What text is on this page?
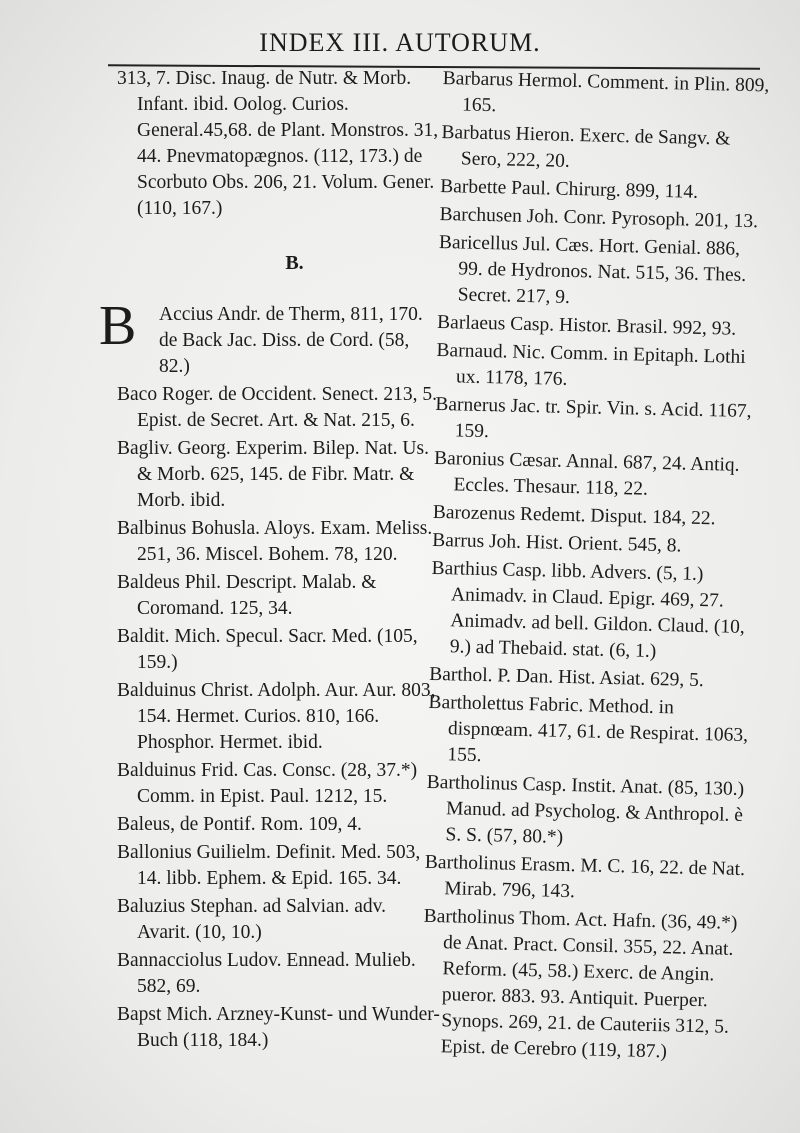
INDEX III. AUTORUM.

313, 7. Disc. Inaug. de Nutr. & Morb. Infant. ibid. Oolog. Curios. General.45,68. de Plant. Monstros. 31, 44. Pnevmatopægnos. (112, 173.) de Scorbuto Obs. 206, 21. Volum. Gener. (110, 167.)

B.

B Accius Andr. de Therm, 811, 170. de Back Jac. Diss. de Cord. (58, 82.)

Baco Roger. de Occident. Senect. 213, 5. Epist. de Secret. Art. & Nat. 215, 6.

Bagliv. Georg. Experim. Bilep. Nat. Us. & Morb. 625, 145. de Fibr. Matr. & Morb. ibid.

Balbinus Bohusla. Aloys. Exam. Meliss. 251, 36. Miscel. Bohem. 78, 120.

Baldeus Phil. Descript. Malab. & Coromand. 125, 34.

Baldit. Mich. Specul. Sacr. Med. (105, 159.)

Balduinus Christ. Adolph. Aur. Aur. 803, 154. Hermet. Curios. 810, 166. Phosphor. Hermet. ibid.

Balduinus Frid. Cas. Consc. (28, 37.*) Comm. in Epist. Paul. 1212, 15.

Baleus, de Pontif. Rom. 109, 4.

Ballonius Guilielm. Definit. Med. 503, 14. libb. Ephem. & Epid. 165. 34.

Baluzius Stephan. ad Salvian. adv. Avarit. (10, 10.)

Bannacciolus Ludov. Ennead. Mulieb. 582, 69.

Bapst Mich. Arzney-Kunst- und Wunder-Buch (118, 184.)

Barbarus Hermol. Comment. in Plin. 809, 165.

Barbatus Hieron. Exerc. de Sangv. & Sero, 222, 20.

Barbette Paul. Chirurg. 899, 114.

Barchusen Joh. Conr. Pyrosoph. 201, 13.

Baricellus Jul. Cæs. Hort. Genial. 886, 99. de Hydronos. Nat. 515, 36. Thes. Secret. 217, 9.

Barlaeus Casp. Histor. Brasil. 992, 93.

Barnaud. Nic. Comm. in Epitaph. Lothi ux. 1178, 176.

Barnerus Jac. tr. Spir. Vin. s. Acid. 1167, 159.

Baronius Cæsar. Annal. 687, 24. Antiq. Eccles. Thesaur. 118, 22.

Barozenus Redemt. Disput. 184, 22.

Barrus Joh. Hist. Orient. 545, 8.

Barthius Casp. libb. Advers. (5, 1.) Animadv. in Claud. Epigr. 469, 27. Animadv. ad bell. Gildon. Claud. (10, 9.) ad Thebaid. stat. (6, 1.)

Barthol. P. Dan. Hist. Asiat. 629, 5.

Bartholettus Fabric. Method. in dispnœam. 417, 61. de Respirat. 1063, 155.

Bartholinus Casp. Instit. Anat. (85, 130.) Manud. ad Psycholog. & Anthropol. è S. S. (57, 80.*)

Bartholinus Erasm. M. C. 16, 22. de Nat. Mirab. 796, 143.

Bartholinus Thom. Act. Hafn. (36, 49.*) de Anat. Pract. Consil. 355, 22. Anat. Reform. (45, 58.) Exerc. de Angin. pueror. 883. 93. Antiquit. Puerper. Synops. 269, 21. de Cauteriis 312, 5. Epist. de Cerebro (119, 187.)
